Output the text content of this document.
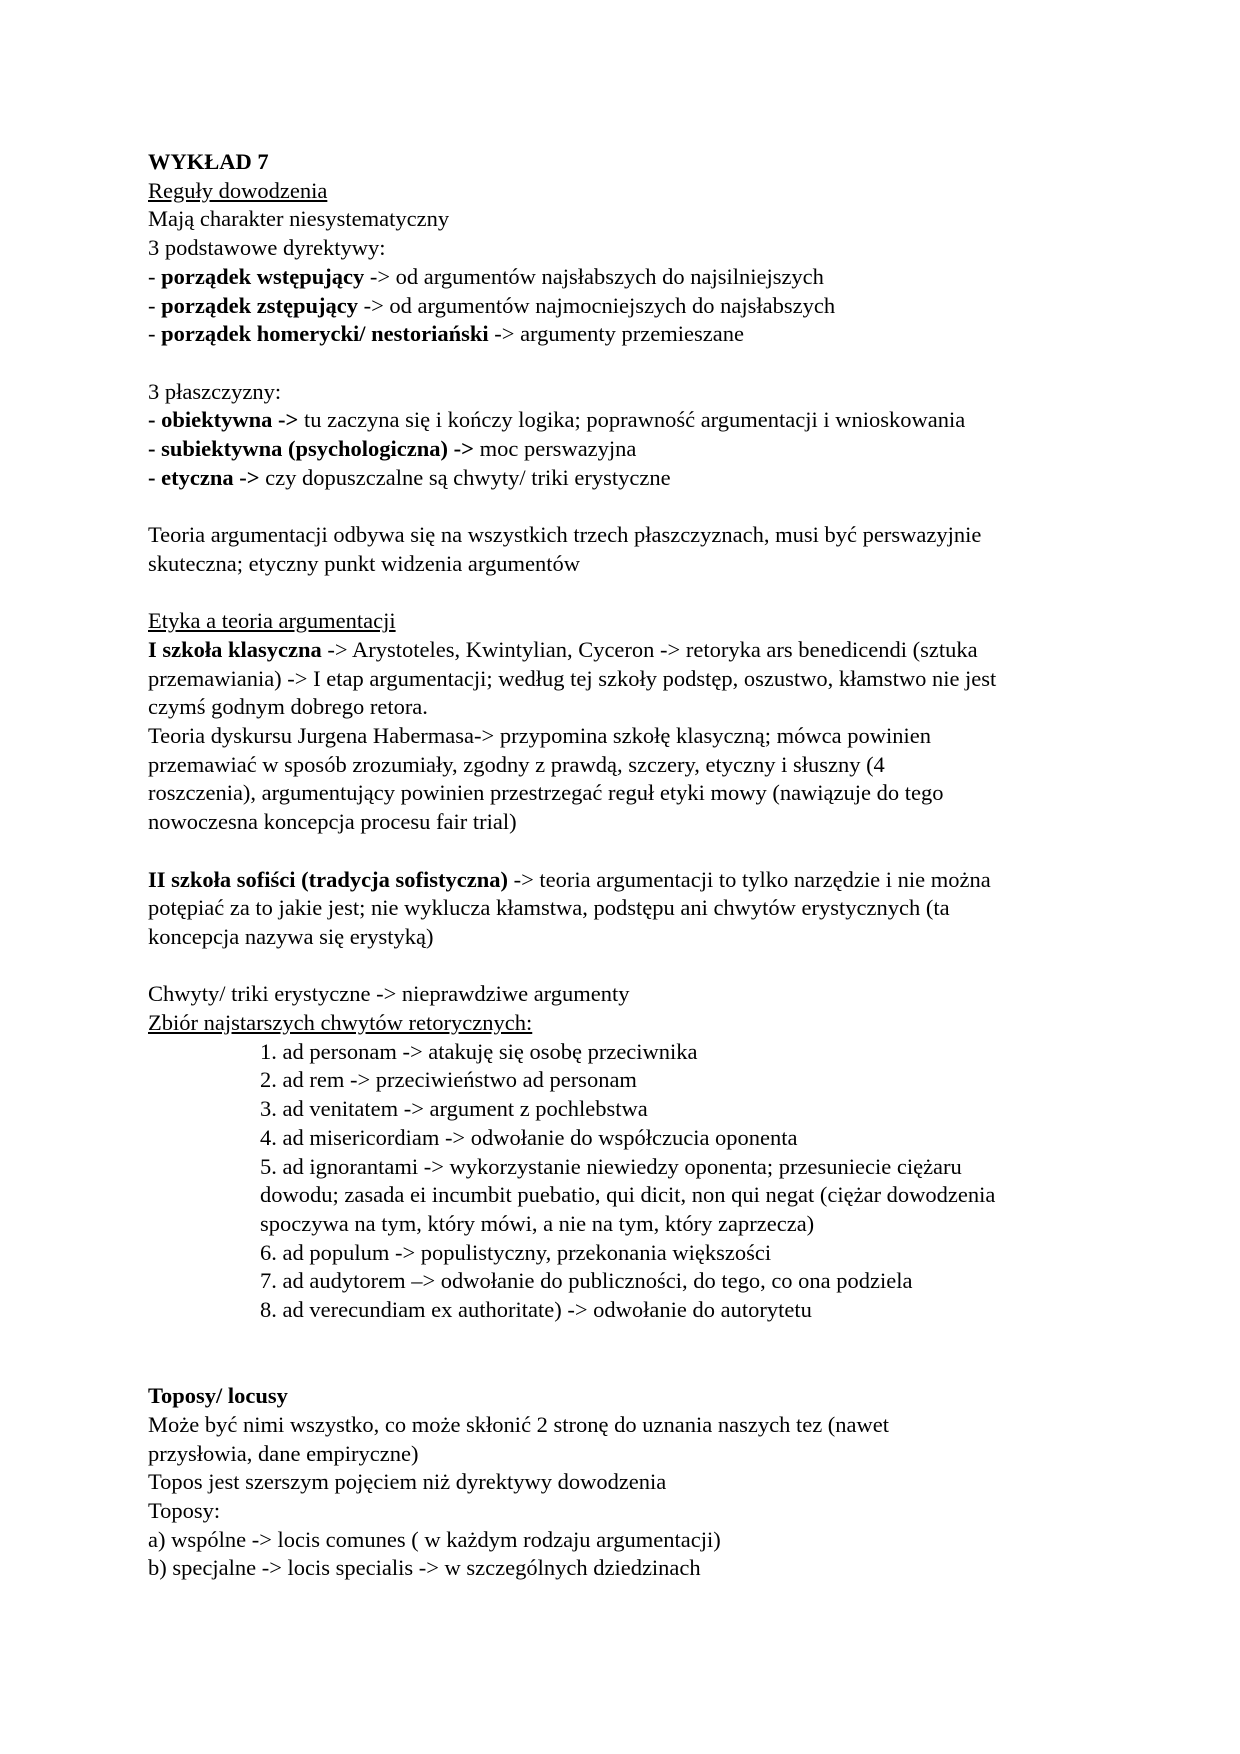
WYKŁAD 7
Reguły dowodzenia
Mają charakter niesystematyczny
3 podstawowe dyrektywy:
- porządek wstępujący -> od argumentów najsłabszych do najsilniejszych
- porządek zstępujący -> od argumentów najmocniejszych do najsłabszych
- porządek homerycki/ nestoriański -> argumenty przemieszane
3 płaszczyzny:
- obiektywna -> tu zaczyna się i kończy logika; poprawność argumentacji i wnioskowania
- subiektywna (psychologiczna) -> moc perswazyjna
- etyczna -> czy dopuszczalne są chwyty/ triki erystyczne
Teoria argumentacji odbywa się na wszystkich trzech płaszczyznach, musi być perswazyjnie
skuteczna; etyczny punkt widzenia argumentów
Etyka a teoria argumentacji
I szkoła klasyczna -> Arystoteles, Kwintylian, Cyceron -> retoryka ars benedicendi (sztuka
przemawiania) -> I etap argumentacji; według tej szkoły podstęp, oszustwo, kłamstwo nie jest
czymś godnym dobrego retora.
Teoria dyskursu Jurgena Habermasa-> przypomina szkołę klasyczną; mówca powinien
przemawiać w sposób zrozumiały, zgodny z prawdą, szczery, etyczny i słuszny (4
roszczenia), argumentujący powinien przestrzegać reguł etyki mowy (nawiązuje do tego
nowoczesna koncepcja procesu fair trial)
II szkoła sofiści (tradycja sofistyczna) -> teoria argumentacji to tylko narzędzie i nie można
potępiać za to jakie jest; nie wyklucza kłamstwa, podstępu ani chwytów erystycznych (ta
koncepcja nazywa się erystyką)
Chwyty/ triki erystyczne -> nieprawdziwe argumenty
Zbiór najstarszych chwytów retorycznych:
1. ad personam -> atakuję się osobę przeciwnika
2. ad rem -> przeciwieństwo ad personam
3. ad venitatem -> argument z pochlebstwa
4. ad misericordiam -> odwołanie do współczucia oponenta
5. ad ignorantami -> wykorzystanie niewiedzy oponenta; przesuniecie ciężaru
dowodu; zasada ei incumbit puebatio, qui dicit, non qui negat (ciężar dowodzenia
spoczywa na tym, który mówi, a nie na tym, który zaprzecza)
6. ad populum -> populistyczny, przekonania większości
7. ad audytorem –> odwołanie do publiczności, do tego, co ona podziela
8. ad verecundiam ex authoritate) -> odwołanie do autorytetu
Toposy/ locusy
Może być nimi wszystko, co może skłonić 2 stronę do uznania naszych tez (nawet
przysłowia, dane empiryczne)
Topos jest szerszym pojęciem niż dyrektywy dowodzenia
Toposy:
a) wspólne -> locis comunes ( w każdym rodzaju argumentacji)
b) specjalne -> locis specialis -> w szczególnych dziedzinach
